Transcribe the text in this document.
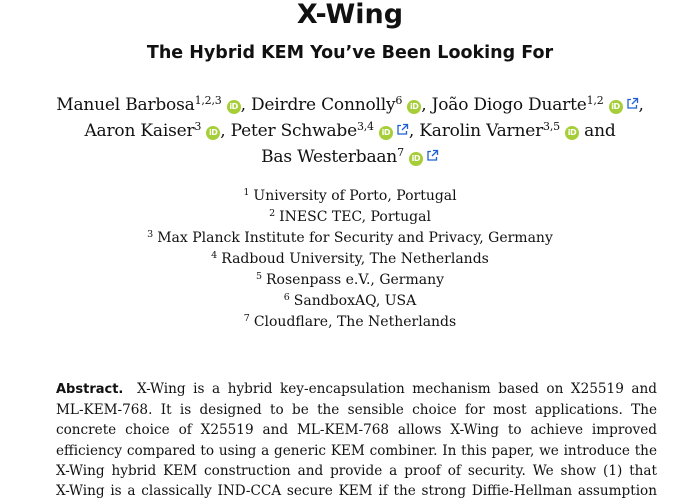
X-Wing
The Hybrid KEM You’ve Been Looking For
Manuel Barbosa$^{1,2,3}$ iD , Deirdre Connolly$^6$ iD , João Diogo Duarte$^{1,2}$ iD ,
Aaron Kaiser$^3$ iD , Peter Schwabe$^{3,4}$ iD , Karolin Varner$^{3,5}$ iD and
Bas Westerbaan$^7$ iD
$^1$ University of Porto, Portugal
$^2$ INESC TEC, Portugal
$^3$ Max Planck Institute for Security and Privacy, Germany
$^4$ Radboud University, The Netherlands
$^5$ Rosenpass e.V., Germany
$^6$ SandboxAQ, USA
$^7$ Cloudflare, The Netherlands
Abstract. X-Wing is a hybrid key-encapsulation mechanism based on X25519 and
ML-KEM-768. It is designed to be the sensible choice for most applications. The
concrete choice of X25519 and ML-KEM-768 allows X-Wing to achieve improved
efficiency compared to using a generic KEM combiner. In this paper, we introduce the
X-Wing hybrid KEM construction and provide a proof of security. We show (1) that
X-Wing is a classically IND-CCA secure KEM if the strong Diffie-Hellman assumption
